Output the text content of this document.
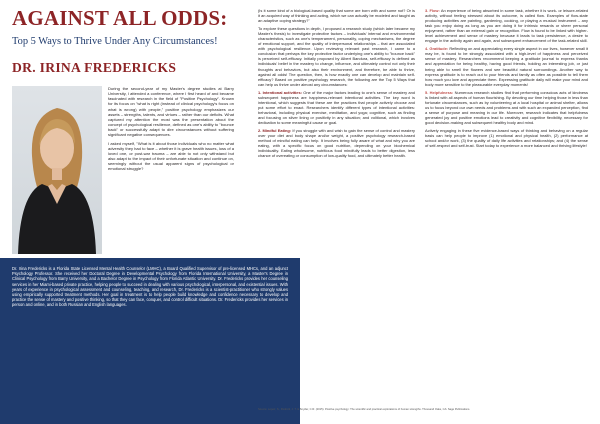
AGAINST ALL ODDS:
Top 5 Ways to Thrive Under Any Circumstances!
DR. IRINA FREDERICKS

During the second-year of my Master's degree studies at Barry University, I attended a conference, where I first heard of and became fascinated with research in the field of "Positive Psychology". Known for its focus on "what is right (instead of clinical psychology's focus on what is wrong) with people," positive psychology emphasizes our assets – strengths, talents, and virtues – rather than our deficits. What captured my attention the most was the presentation about the concept of psychological resilience, defined as one's ability to "bounce back" or successfully adapt to dire circumstances without suffering significant negative consequences.

I asked myself, "What is it about those individuals who no matter what adversity they had to face – whether it is grave health issues, loss of a loved one, or post-war trauma – are able to not only withstand but also adapt to the impact of their unfortunate situation and continue on, seemingly without the usual apparent signs of psychological or emotional struggle?

Dr. Irina Fredericks is a Florida State Licensed Mental Health Counselor (LMHC), a Board Qualified Supervisor of pre-licensed MHCs, and an adjunct Psychology Professor. She received her Doctoral Degree in Developmental Psychology from Florida International University, a Master's Degree in Clinical Psychology from Barry University, and a Bachelor Degree in Psychology from Florida Atlantic University. Dr. Fredericks provides her counseling services in her Miami-based private practice, helping people to succeed in dealing with various psychological, interpersonal, and existential issues. With years of experience in psychological assessment and counseling, teaching, and research, Dr. Fredericks is a scientist-practitioner who strongly values using empirically supported treatment methods. Her goal in treatment is to help people build knowledge and confidence necessary to develop and practice the sense of mastery and positive thinking, so that they can face, conquer, and control difficult situations. Dr. Fredericks provides her services in person and online, and in both Russian and English languages.

(Is it some kind of a biological-based quality that some are born with and some not? Or is it an acquired way of thinking and acting, which we can actually be modeled and taught as an adaptive coping strategy?"

To explore these questions in depth, I proposed a research study (which later became my Master's thesis) to investigate protective factors – individuals' internal and environmental characteristics, such as one's temperament, personality, coping mechanisms, the degree of emotional support, and the quality of interpersonal relationships – that are associated with psychological resilience. Upon reviewing relevant past research, I came to a conclusion that perhaps the key protective factor underlying one's ability to "bounce back" is perceived self-efficacy. Initially proposed by Albert Bandura, self-efficacy is defined as individuals' belief in the mastery to change, influence, and ultimately control not only their thoughts and behaviors, but also their environment, and therefore, be able to thrive, against all odds! The question, then, is how exactly one can develop and maintain self-efficacy? Based on positive psychology research, the following are the Top 5 Ways that can help us thrive under almost any circumstances:

1. Intentional activities: One of the major factors leading to one's sense of mastery and subsequent happiness are happiness-relevant intentional activities. The key word is intentional, which suggests that these are the practices that people actively choose and put some effort to enact. Researchers identify different types of intentional activities: behavioral, including physical exercise, meditation, and yoga; cognitive, such as finding and focusing on silver lining or positivity in any situation; and volitional, which involves dedication to some meaningful cause or goal.

2. Mindful Eating: If you struggle with and wish to gain the sense of control and mastery over your diet and body shape and/or weight, a positive psychology research-based method of mindful eating can help. It involves being fully aware of what and why you are eating, with a specific focus on good nutrition, depending on your biochemical individuality. Eating wholesome, nutritious food mindfully leads to better digestion, less chance of overeating or consumption of low-quality food, and ultimately better health.

3. Flow: An experience of being absorbed in some task, whether it is work- or leisure-related activity, without feeling stressed about its outcome, is called flow. Examples of flow-state producing activities are painting, gardening, cooking, or playing a musical instrument – any task you enjoy doing as long as you are doing it for intrinsic rewards or sheer personal enjoyment, rather than an external gain or recognition. Flow is found to be linked with higher-level achievement and sense of mastery because it leads to task persistence, a desire to engage in the activity again and again, and subsequent enhancement of the task-related skill.

4. Gratitude: Reflecting on and appreciating every single aspect in our lives, however small it may be, is found to be strongly associated with a high-level of happiness and perceived sense of mastery. Researchers recommend keeping a gratitude journal to express thanks and appreciation for being healthy, having good friends, holding an interesting job, or just being able to smell the flowers and see beautiful natural surroundings. Another way to express gratitude is to reach out to your friends and family as often as possible to tell them how much you love and appreciate them. Expressing gratitude daily will make your mind and body more sensitive to the pleasurable everyday moments!

5. Helpfulness: Numerous research studies find that performing conscious acts of kindness is linked with all aspects of human flourishing. By devoting our time helping those in less than fortunate circumstances, such as by volunteering at a local hospital or animal shelter, allows us to focus beyond our own needs and problems and with such an expanded perception, find a sense of purpose and meaning in our life. Moreover, research indicates that helpfulness generated joy and positive emotions lead to creativity and cognitive flexibility, necessary for good decision-making and subsequent healthy body and mind.

Actively engaging in these five evidence-based ways of thinking and behaving on a regular basis can help people to improve (1) emotional and physical health, (2) performance at school and/or work, (3) the quality of daily life activities and relationships; and (4) the sense of self-respect and self-trust. Start today to experience a more balanced and thriving lifestyle!

Source: Lopez, S., Pedrotti, J. T. & Snyder, C.R. (2015). Positive psychology: The scientific and practical explorations of human strengths. Thousand Oaks, CA: Sage Publications.
